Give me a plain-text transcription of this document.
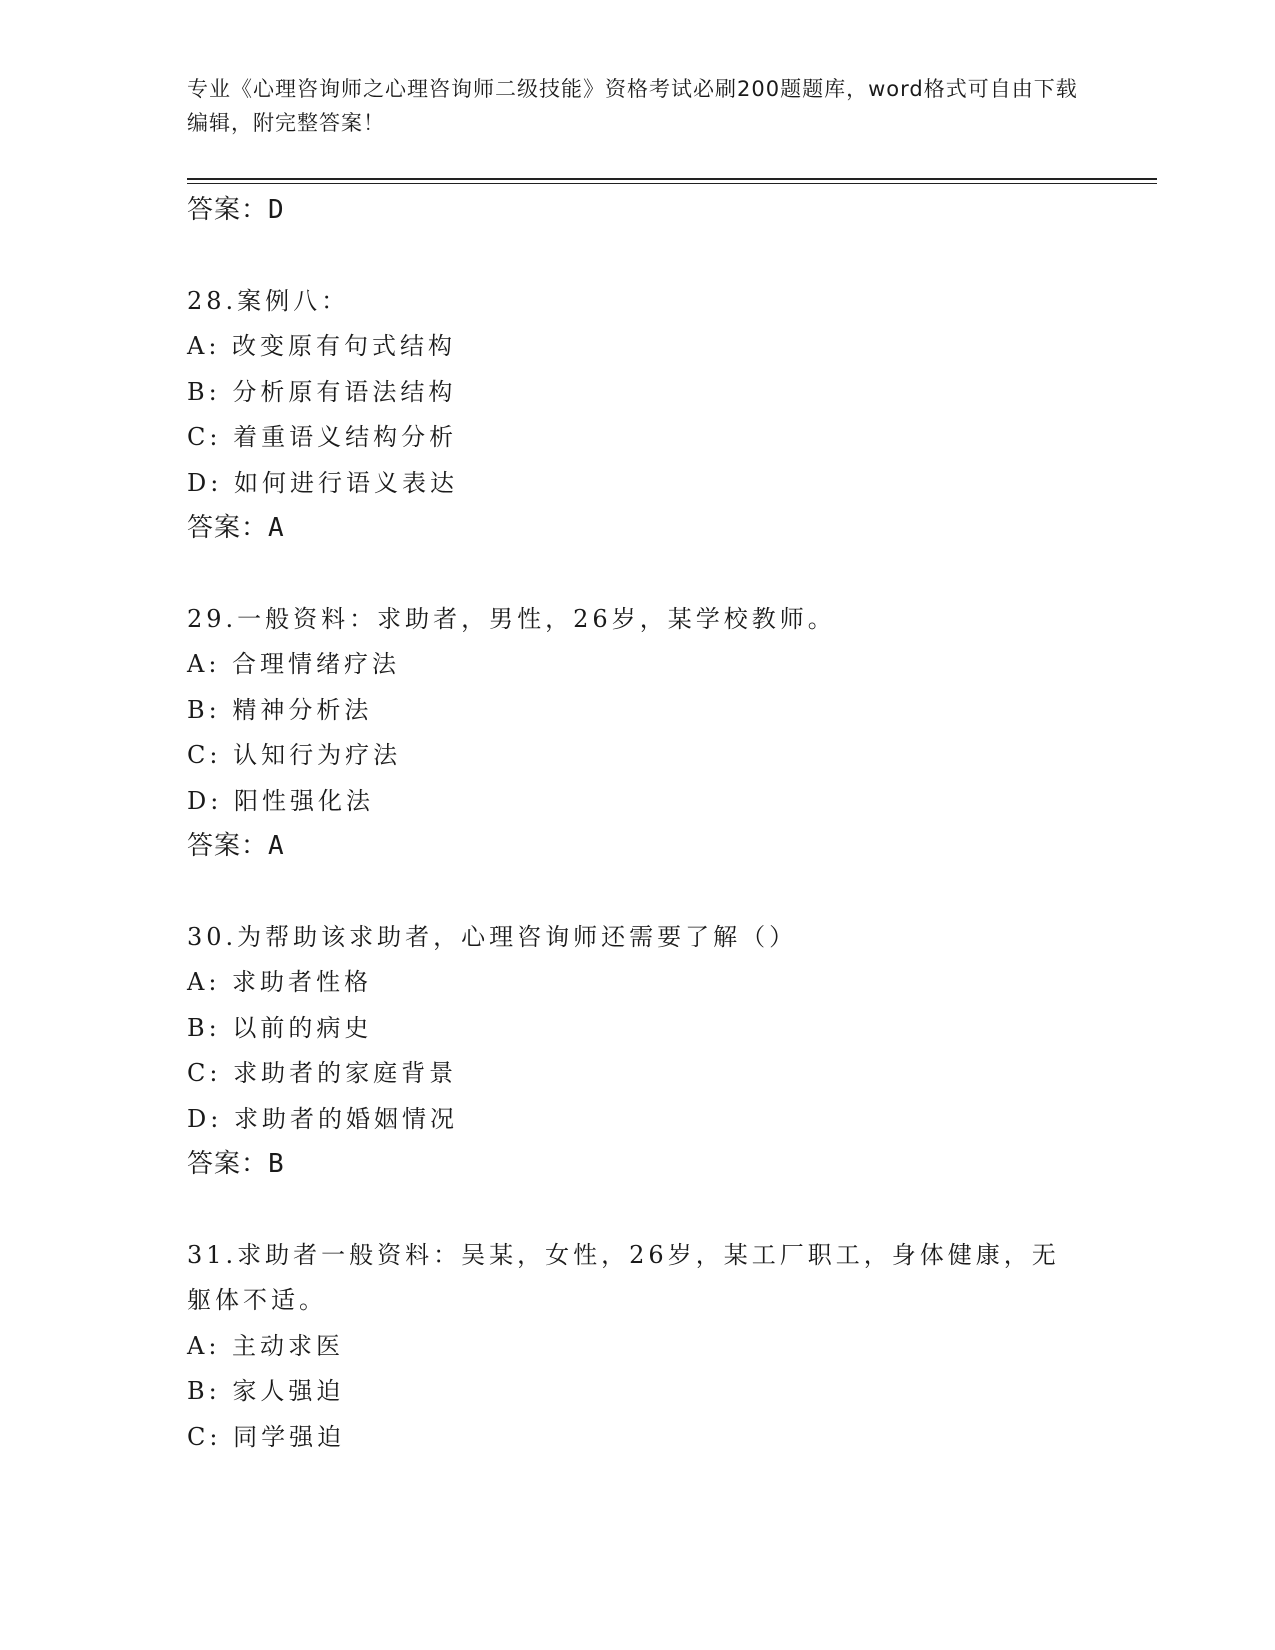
专业《心理咨询师之心理咨询师二级技能》资格考试必刷200题题库，word格式可自由下载编辑，附完整答案！
答案：D
28.案例八：
A: 改变原有句式结构
B: 分析原有语法结构
C: 着重语义结构分析
D: 如何进行语义表达
答案：A
29.一般资料：求助者，男性，26岁，某学校教师。
A: 合理情绪疗法
B: 精神分析法
C: 认知行为疗法
D: 阳性强化法
答案：A
30.为帮助该求助者，心理咨询师还需要了解（）
A: 求助者性格
B: 以前的病史
C: 求助者的家庭背景
D: 求助者的婚姻情况
答案：B
31.求助者一般资料：吴某，女性，26岁，某工厂职工，身体健康，无躯体不适。
A: 主动求医
B: 家人强迫
C: 同学强迫
